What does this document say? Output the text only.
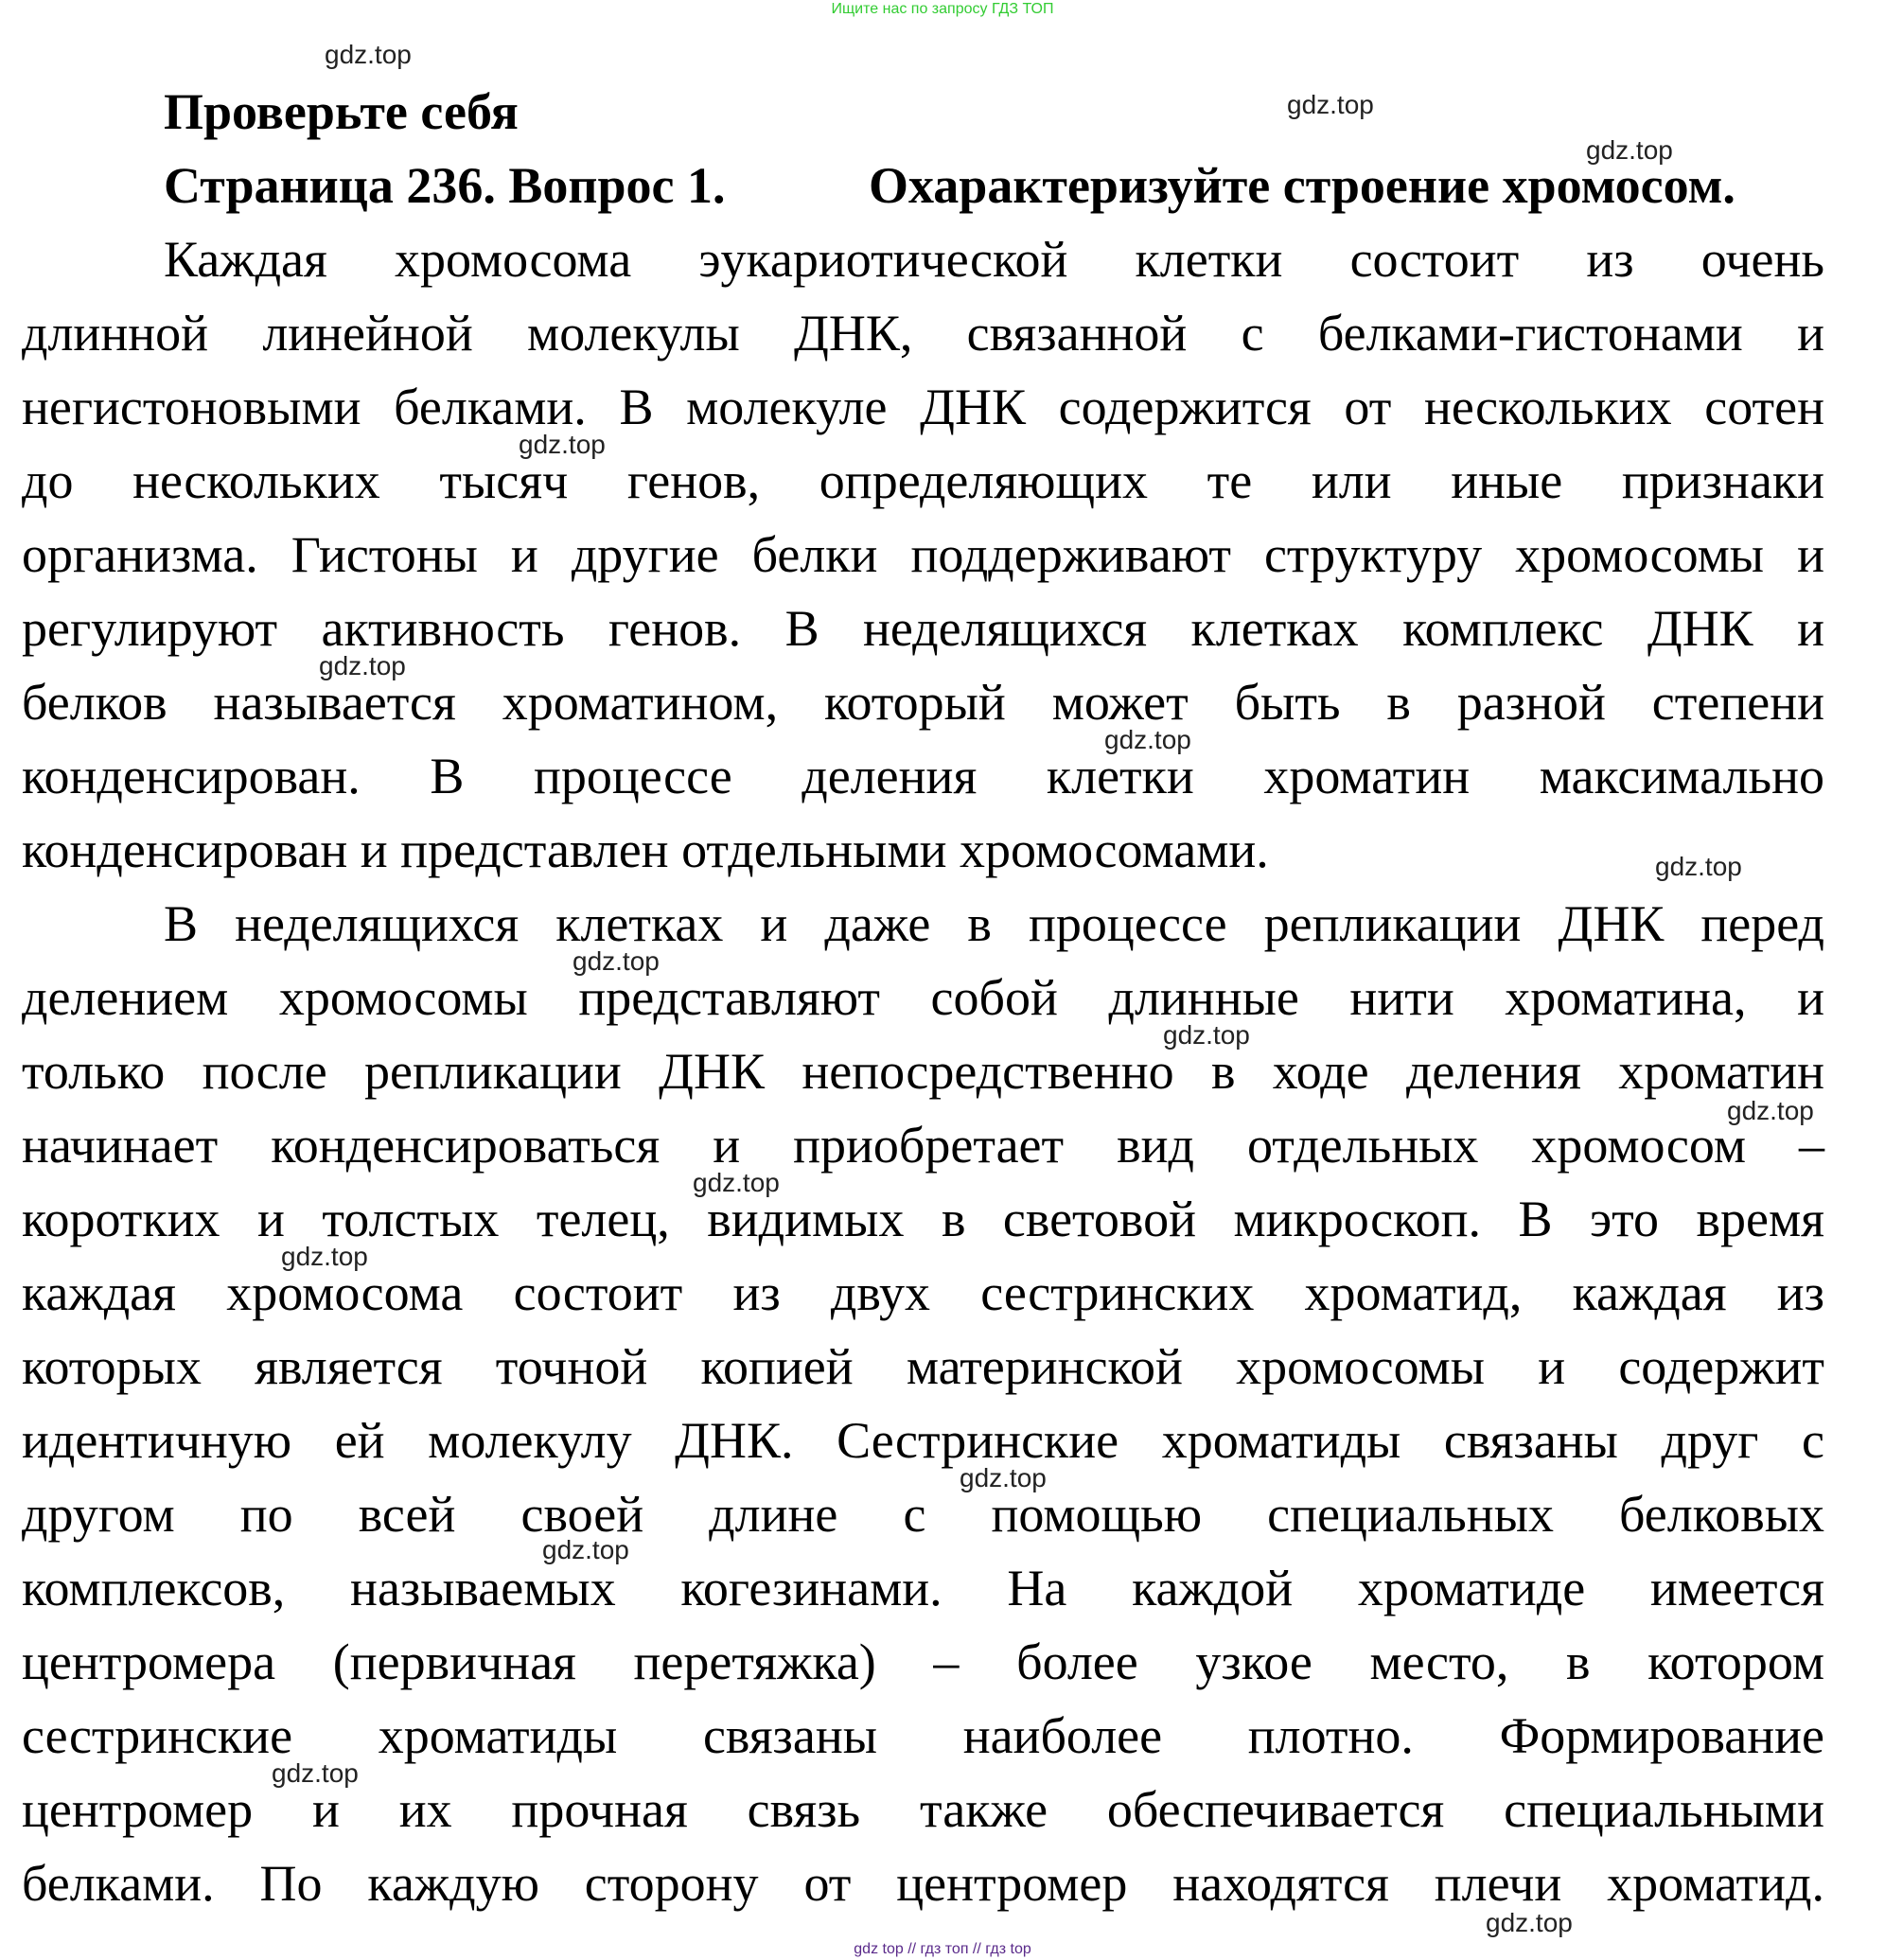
Ищите нас по запросу ГДЗ ТОП
Проверьте себя
Страница 236. Вопрос 1.	Охарактеризуйте строение хромосом.
Каждая хромосома эукариотической клетки состоит из очень
длинной линейной молекулы ДНК, связанной с белками-гистонами и
негистоновыми белками. В молекуле ДНК содержится от нескольких сотен
до нескольких тысяч генов, определяющих те или иные признаки
организма. Гистоны и другие белки поддерживают структуру хромосомы и
регулируют активность генов. В неделящихся клетках комплекс ДНК и
белков называется хроматином, который может быть в разной степени
конденсирован. В процессе деления клетки хроматин максимально
конденсирован и представлен отдельными хромосомами.
В неделящихся клетках и даже в процессе репликации ДНК перед
делением хромосомы представляют собой длинные нити хроматина, и
только после репликации ДНК непосредственно в ходе деления хроматин
начинает конденсироваться и приобретает вид отдельных хромосом –
коротких и толстых телец, видимых в световой микроскоп. В это время
каждая хромосома состоит из двух сестринских хроматид, каждая из
которых является точной копией материнской хромосомы и содержит
идентичную ей молекулу ДНК. Сестринские хроматиды связаны друг с
другом по всей своей длине с помощью специальных белковых
комплексов, называемых когезинами. На каждой хроматиде имеется
центромера (первичная перетяжка) – более узкое место, в котором
сестринские хроматиды связаны наиболее плотно. Формирование
центромер и их прочная связь также обеспечивается специальными
белками. По каждую сторону от центромер находятся плечи хроматид.
gdz.top
gdz.top
gdz.top
gdz.top
gdz.top
gdz.top
gdz.top
gdz.top
gdz.top
gdz.top
gdz.top
gdz.top
gdz.top
gdz.top
gdz.top
gdz.top
gdz top // гдз топ // гдз top
